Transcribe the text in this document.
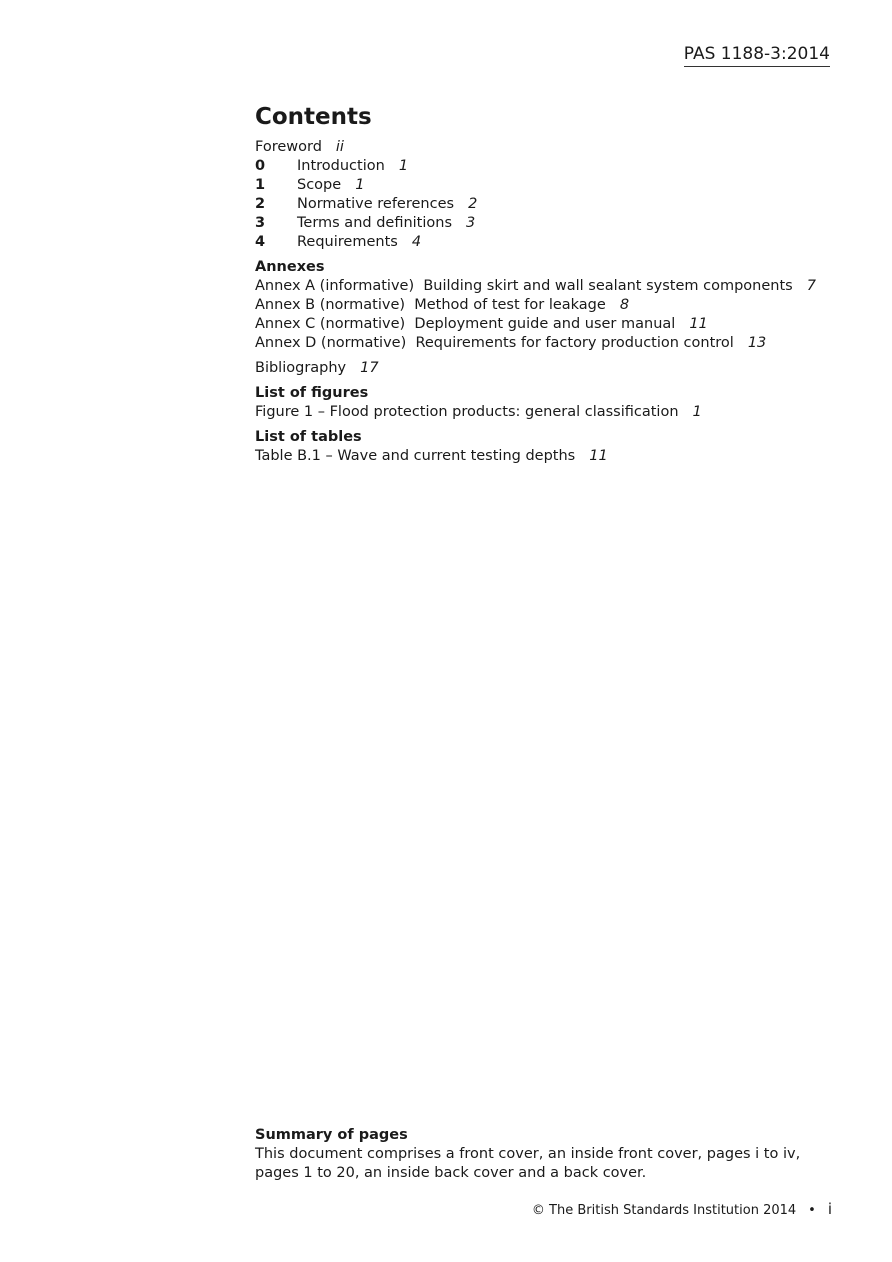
PAS 1188-3:2014
Contents
Foreword ii
0 Introduction 1
1 Scope 1
2 Normative references 2
3 Terms and definitions 3
4 Requirements 4
Annexes
Annex A (informative)  Building skirt and wall sealant system components 7
Annex B (normative)  Method of test for leakage 8
Annex C (normative)  Deployment guide and user manual 11
Annex D (normative)  Requirements for factory production control 13
Bibliography 17
List of figures
Figure 1 – Flood protection products: general classification 1
List of tables
Table B.1 – Wave and current testing depths 11
Summary of pages
This document comprises a front cover, an inside front cover, pages i to iv,
pages 1 to 20, an inside back cover and a back cover.
© The British Standards Institution 2014 • i
